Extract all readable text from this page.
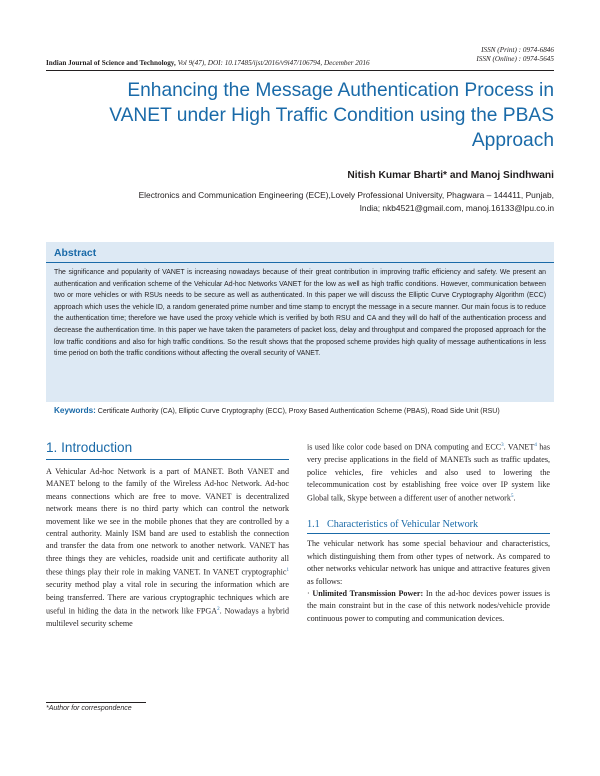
Indian Journal of Science and Technology, Vol 9(47), DOI: 10.17485/ijst/2016/v9i47/106794, December 2016
ISSN (Print) : 0974-6846
ISSN (Online) : 0974-5645
Enhancing the Message Authentication Process in
VANET under High Traffic Condition using the PBAS
Approach
Nitish Kumar Bharti* and Manoj Sindhwani
Electronics and Communication Engineering (ECE),Lovely Professional University, Phagwara – 144411, Punjab,
India; nkb4521@gmail.com, manoj.16133@lpu.co.in
Abstract
The significance and popularity of VANET is increasing nowadays because of their great contribution in improving traffic efficiency and safety. We present an authentication and verification scheme of the Vehicular Ad-hoc Networks VANET for the low as well as high traffic conditions. However, communication between two or more vehicles or with RSUs needs to be secure as well as authenticated. In this paper we will discuss the Elliptic Curve Cryptography Algorithm (ECC) approach which uses the vehicle ID, a random generated prime number and time stamp to encrypt the message in a secure manner. Our main focus is to reduce the authentication time; therefore we have used the proxy vehicle which is verified by both RSU and CA and they will do half of the authentication process and decrease the authentication time. In this paper we have taken the parameters of packet loss, delay and throughput and compared the proposed approach for the low traffic conditions and also for high traffic conditions. So the result shows that the proposed scheme provides high quality of message authentications in less time period on both the traffic conditions without affecting the overall security of VANET.
Keywords: Certificate Authority (CA), Elliptic Curve Cryptography (ECC), Proxy Based Authentication Scheme (PBAS), Road Side Unit (RSU)
1. Introduction
A Vehicular Ad-hoc Network is a part of MANET. Both VANET and MANET belong to the family of the Wireless Ad-hoc Network. Ad-hoc means connections which are free to move. VANET is decentralized network means there is no third party which can control the network movement like we see in the mobile phones that they are controlled by a central authority. Mainly ISM band are used to establish the connection and transfer the data from one network to another network. VANET has three things they are vehicles, roadside unit and certificate authority all these things play their role in making VANET. In VANET cryptographic$^1$ security method play a vital role in securing the information which are being transferred. There are various cryptographic techniques which are useful in hiding the data in the network like FPGA$^2$. Nowadays a hybrid multilevel security scheme
is used like color code based on DNA computing and ECC$^3$. VANET$^4$ has very precise applications in the field of MANETs such as traffic updates, police vehicles, fire vehicles and also used to lowering the telecommunication cost by establishing free voice over IP system like Global talk, Skype between a different user of another network$^5$.
1.1 Characteristics of Vehicular Network
The vehicular network has some special behaviour and characteristics, which distinguishing them from other types of network. As compared to other networks vehicular network has unique and attractive features given as follows:
· Unlimited Transmission Power: In the ad-hoc devices power issues is the main constraint but in the case of this network nodes/vehicle provide continuous power to computing and communication devices.
*Author for correspondence
